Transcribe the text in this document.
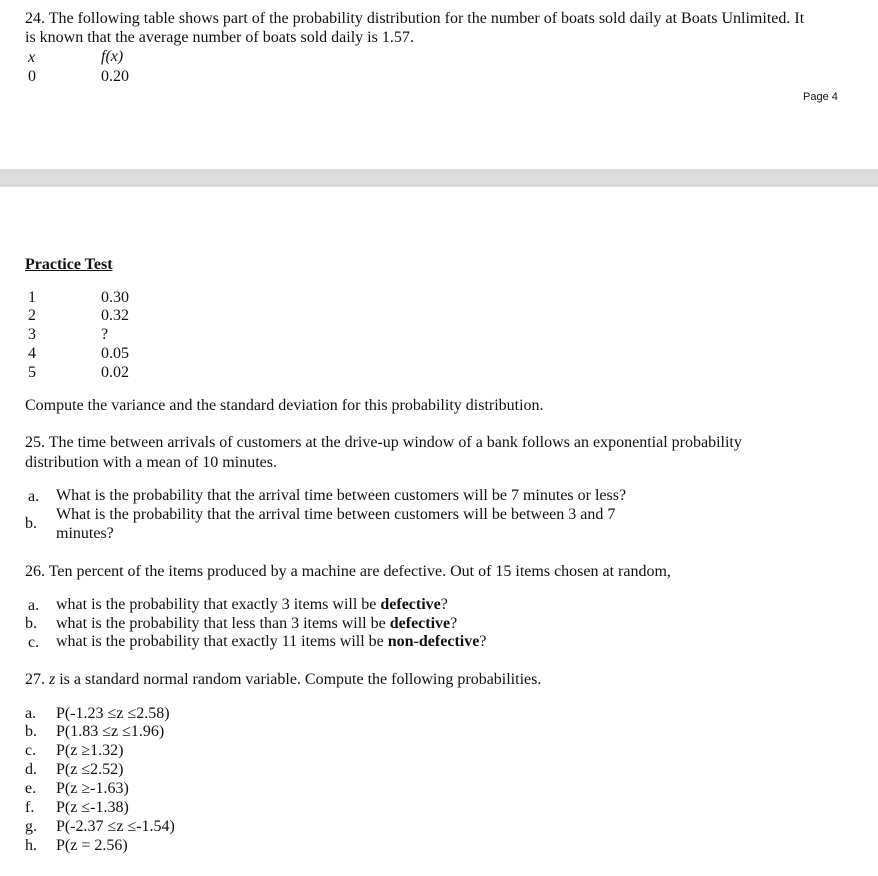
24. The following table shows part of the probability distribution for the number of boats sold daily at Boats Unlimited. It
is known that the average number of boats sold daily is 1.57.
x	f(x)
0	0.20
Page 4
Practice Test
1	0.30
2	0.32
3	?
4	0.05
5	0.02
Compute the variance and the standard deviation for this probability distribution.
25. The time between arrivals of customers at the drive-up window of a bank follows an exponential probability
distribution with a mean of 10 minutes.
a. What is the probability that the arrival time between customers will be 7 minutes or less?
What is the probability that the arrival time between customers will be between 3 and 7
b.
minutes?
26. Ten percent of the items produced by a machine are defective. Out of 15 items chosen at random,
a. what is the probability that exactly 3 items will be defective?
b. what is the probability that less than 3 items will be defective?
c. what is the probability that exactly 11 items will be non-defective?
27. z is a standard normal random variable. Compute the following probabilities.
a. P(-1.23 ≤z ≤2.58)
b. P(1.83 ≤z ≤1.96)
c. P(z ≥1.32)
d. P(z ≤2.52)
e. P(z ≥-1.63)
f. P(z ≤-1.38)
g. P(-2.37 ≤z ≤-1.54)
h. P(z = 2.56)
